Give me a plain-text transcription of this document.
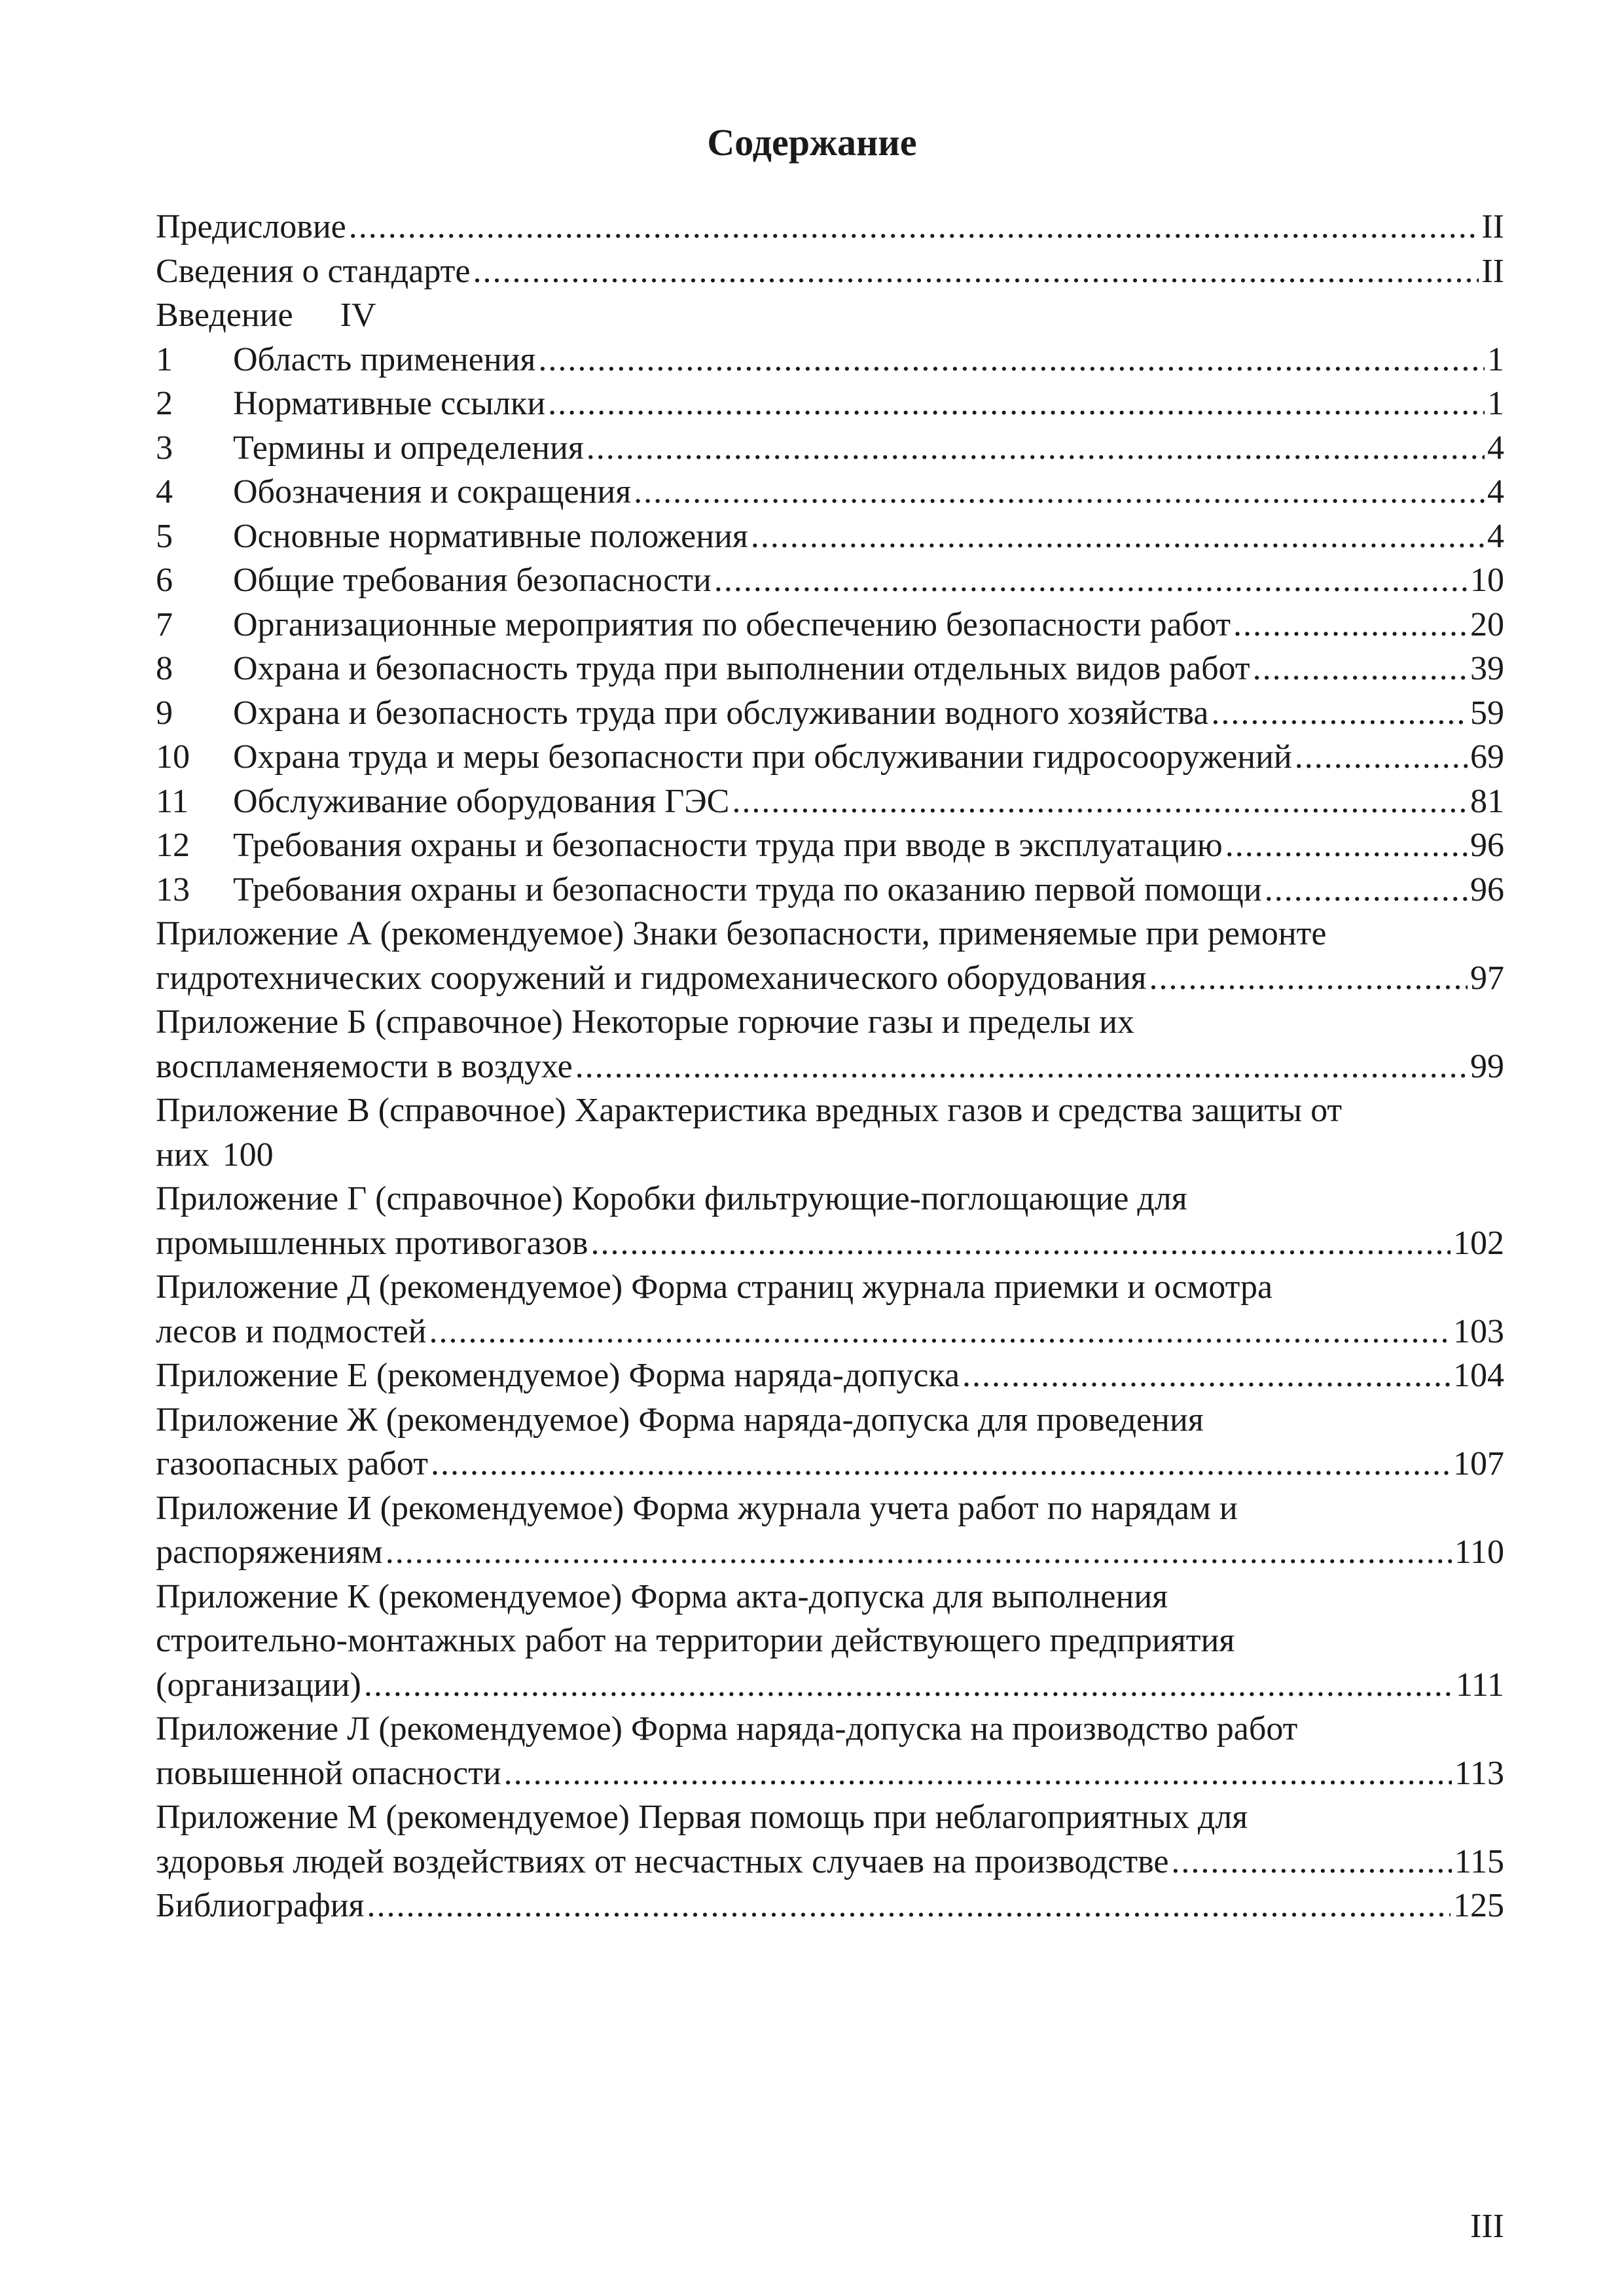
Содержание
Предисловие .....	II
Сведения о стандарте .....	II
Введение IV
1	Область применения .....	1
2	Нормативные ссылки .....	1
3	Термины и определения .....	4
4	Обозначения и сокращения .....	4
5	Основные нормативные положения .....	4
6	Общие требования безопасности .....	10
7	Организационные мероприятия по обеспечению безопасности работ .....	20
8	Охрана и безопасность труда при выполнении отдельных видов работ .....	39
9	Охрана и безопасность труда при обслуживании водного хозяйства .....	59
10	Охрана труда и меры безопасности при обслуживании гидросооружений .....	69
11	Обслуживание оборудования ГЭС .....	81
12	Требования охраны и безопасности труда при вводе в эксплуатацию .....	96
13	Требования охраны и безопасности труда по оказанию первой помощи .....	96
Приложение А (рекомендуемое) Знаки безопасности, применяемые при ремонте
гидротехнических сооружений и гидромеханического оборудования .....	97
Приложение Б (справочное) Некоторые горючие газы и пределы их
воспламеняемости в воздухе .....	99
Приложение В (справочное) Характеристика вредных газов и средства защиты от
них 100
Приложение Г (справочное) Коробки фильтрующие-поглощающие для
промышленных противогазов .....	102
Приложение Д (рекомендуемое) Форма страниц журнала приемки и осмотра
лесов и подмостей .....	103
Приложение Е (рекомендуемое) Форма наряда-допуска .....	104
Приложение Ж (рекомендуемое) Форма наряда-допуска для проведения
газоопасных работ .....	107
Приложение И (рекомендуемое) Форма журнала учета работ по нарядам и
распоряжениям .....	110
Приложение К (рекомендуемое) Форма акта-допуска для выполнения
строительно-монтажных работ на территории действующего предприятия
(организации) .....	111
Приложение Л (рекомендуемое) Форма наряда-допуска на производство работ
повышенной опасности .....	113
Приложение М (рекомендуемое) Первая помощь при неблагоприятных для
здоровья людей воздействиях от несчастных случаев на производстве .....	115
Библиография .....	125
III
